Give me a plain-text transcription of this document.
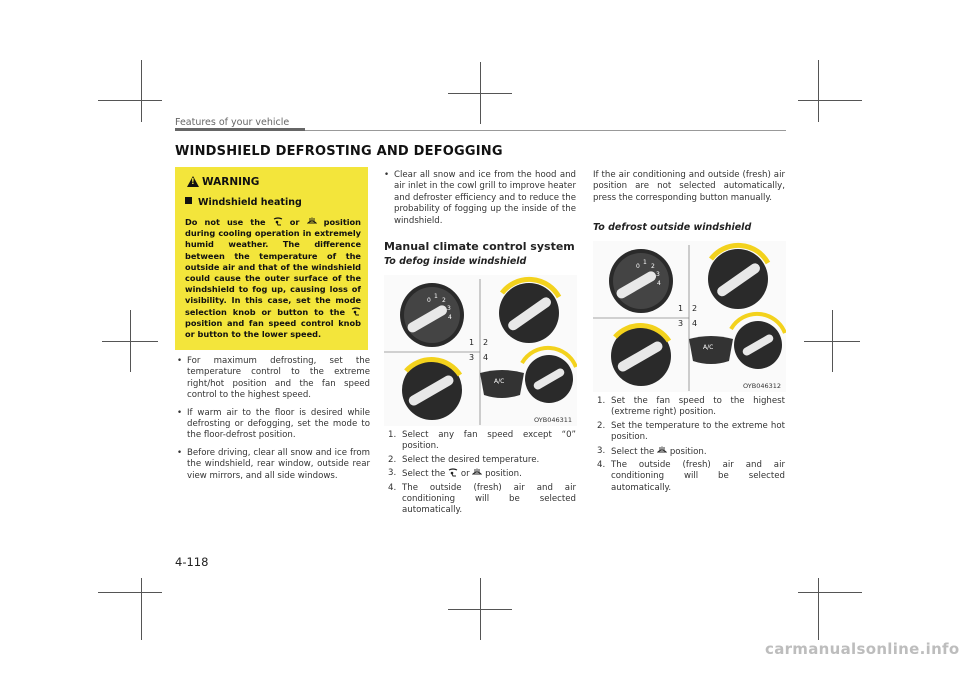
Features of your vehicle
WINDSHIELD DEFROSTING AND DEFOGGING
!
WARNING
Windshield heating
Do not use the	or	position during cooling operation in extremely humid weather. The difference between the temperature of the outside air and that of the windshield could cause the outer surface of the windshield to fog up, causing loss of visibility. In this case, set the mode selection knob or button to the  position and fan speed control knob or button to the lower speed.
• For maximum defrosting, set the temperature control to the extreme right/hot position and the fan speed control to the highest speed.
• If warm air to the floor is desired while defrosting or defogging, set the mode to the floor-defrost position.
• Before driving, clear all snow and ice from the windshield, rear window, outside rear view mirrors, and all side windows.
• Clear all snow and ice from the hood and air inlet in the cowl grill to improve heater and defroster efficiency and to reduce the probability of fogging up the inside of the windshield.
Manual climate control system
To defog inside windshield
1 2
3 4
0
1
2
3
4
A/C
OYB046311
1. Select any fan speed except “0” position.
2. Select the desired temperature.
3. Select the or position.
4. The outside (fresh) air and air conditioning will be selected automatically.
If the air conditioning and outside (fresh) air position are not selected automatically, press the corresponding button manually.
To defrost outside windshield
1 2
3 4
0
1
2
3
4
A/C
OYB046312
1. Set the fan speed to the highest (extreme right) position.
2. Set the temperature to the extreme hot position.
3. Select the position.
4. The outside (fresh) air and air conditioning will be selected automatically.
4-118
carmanualsonline.info
